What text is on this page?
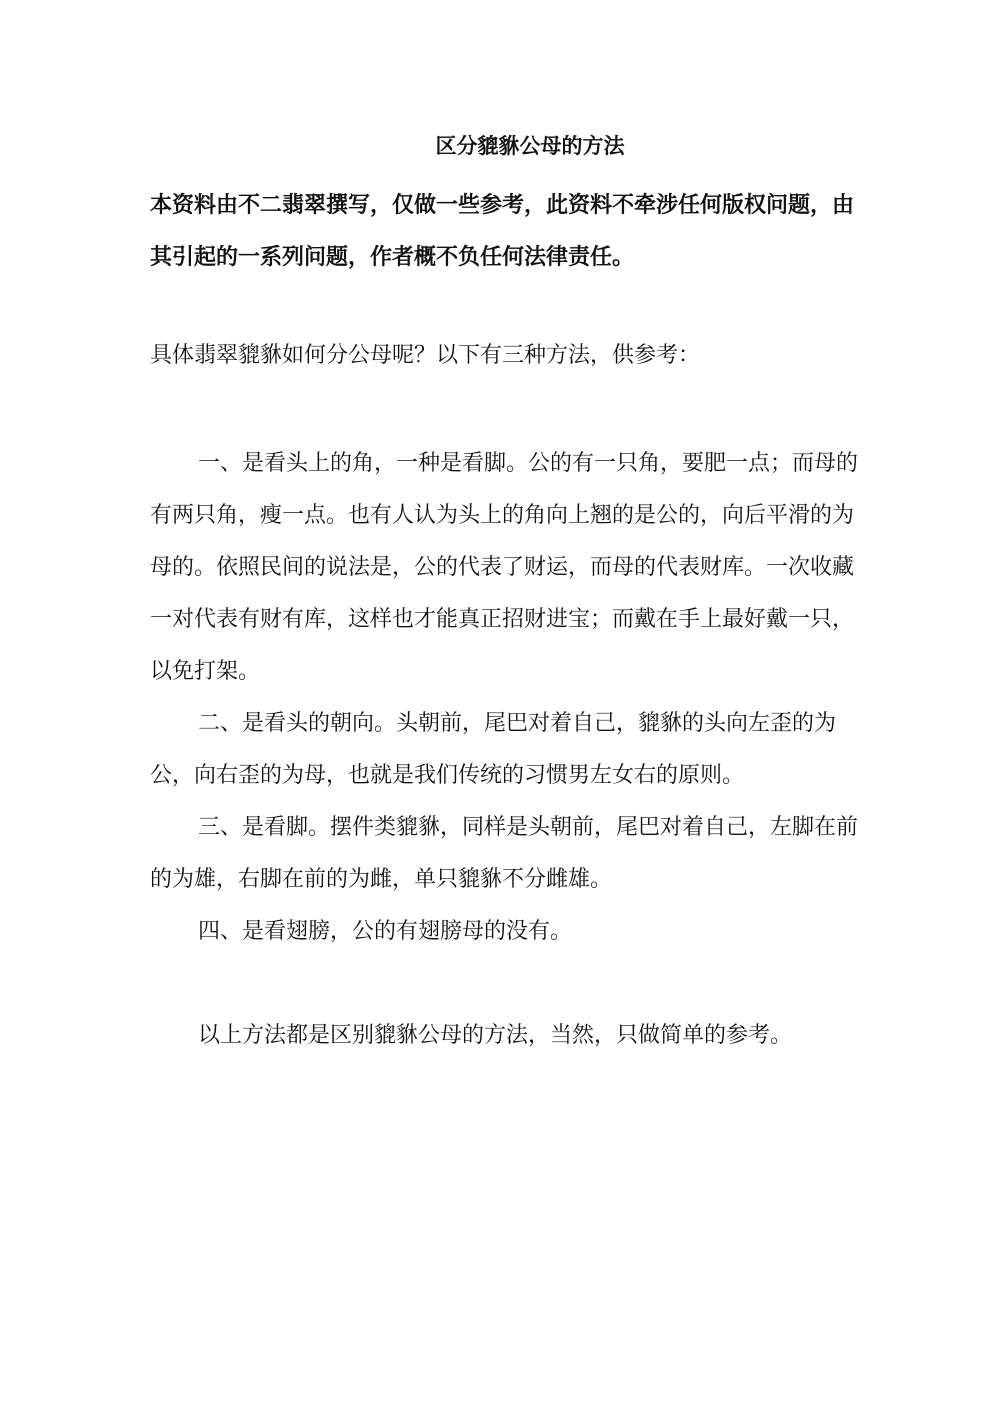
区分貔貅公母的方法

本资料由不二翡翠撰写，仅做一些参考，此资料不牵涉任何版权问题，由其引起的一系列问题，作者概不负任何法律责任。

具体翡翠貔貅如何分公母呢？以下有三种方法，供参考：

一、是看头上的角，一种是看脚。公的有一只角，要肥一点；而母的有两只角，瘦一点。也有人认为头上的角向上翘的是公的，向后平滑的为母的。依照民间的说法是，公的代表了财运，而母的代表财库。一次收藏一对代表有财有库，这样也才能真正招财进宝；而戴在手上最好戴一只，以免打架。

二、是看头的朝向。头朝前，尾巴对着自己，貔貅的头向左歪的为公，向右歪的为母，也就是我们传统的习惯男左女右的原则。

三、是看脚。摆件类貔貅，同样是头朝前，尾巴对着自己，左脚在前的为雄，右脚在前的为雌，单只貔貅不分雌雄。

四、是看翅膀，公的有翅膀母的没有。

以上方法都是区别貔貅公母的方法，当然，只做简单的参考。
